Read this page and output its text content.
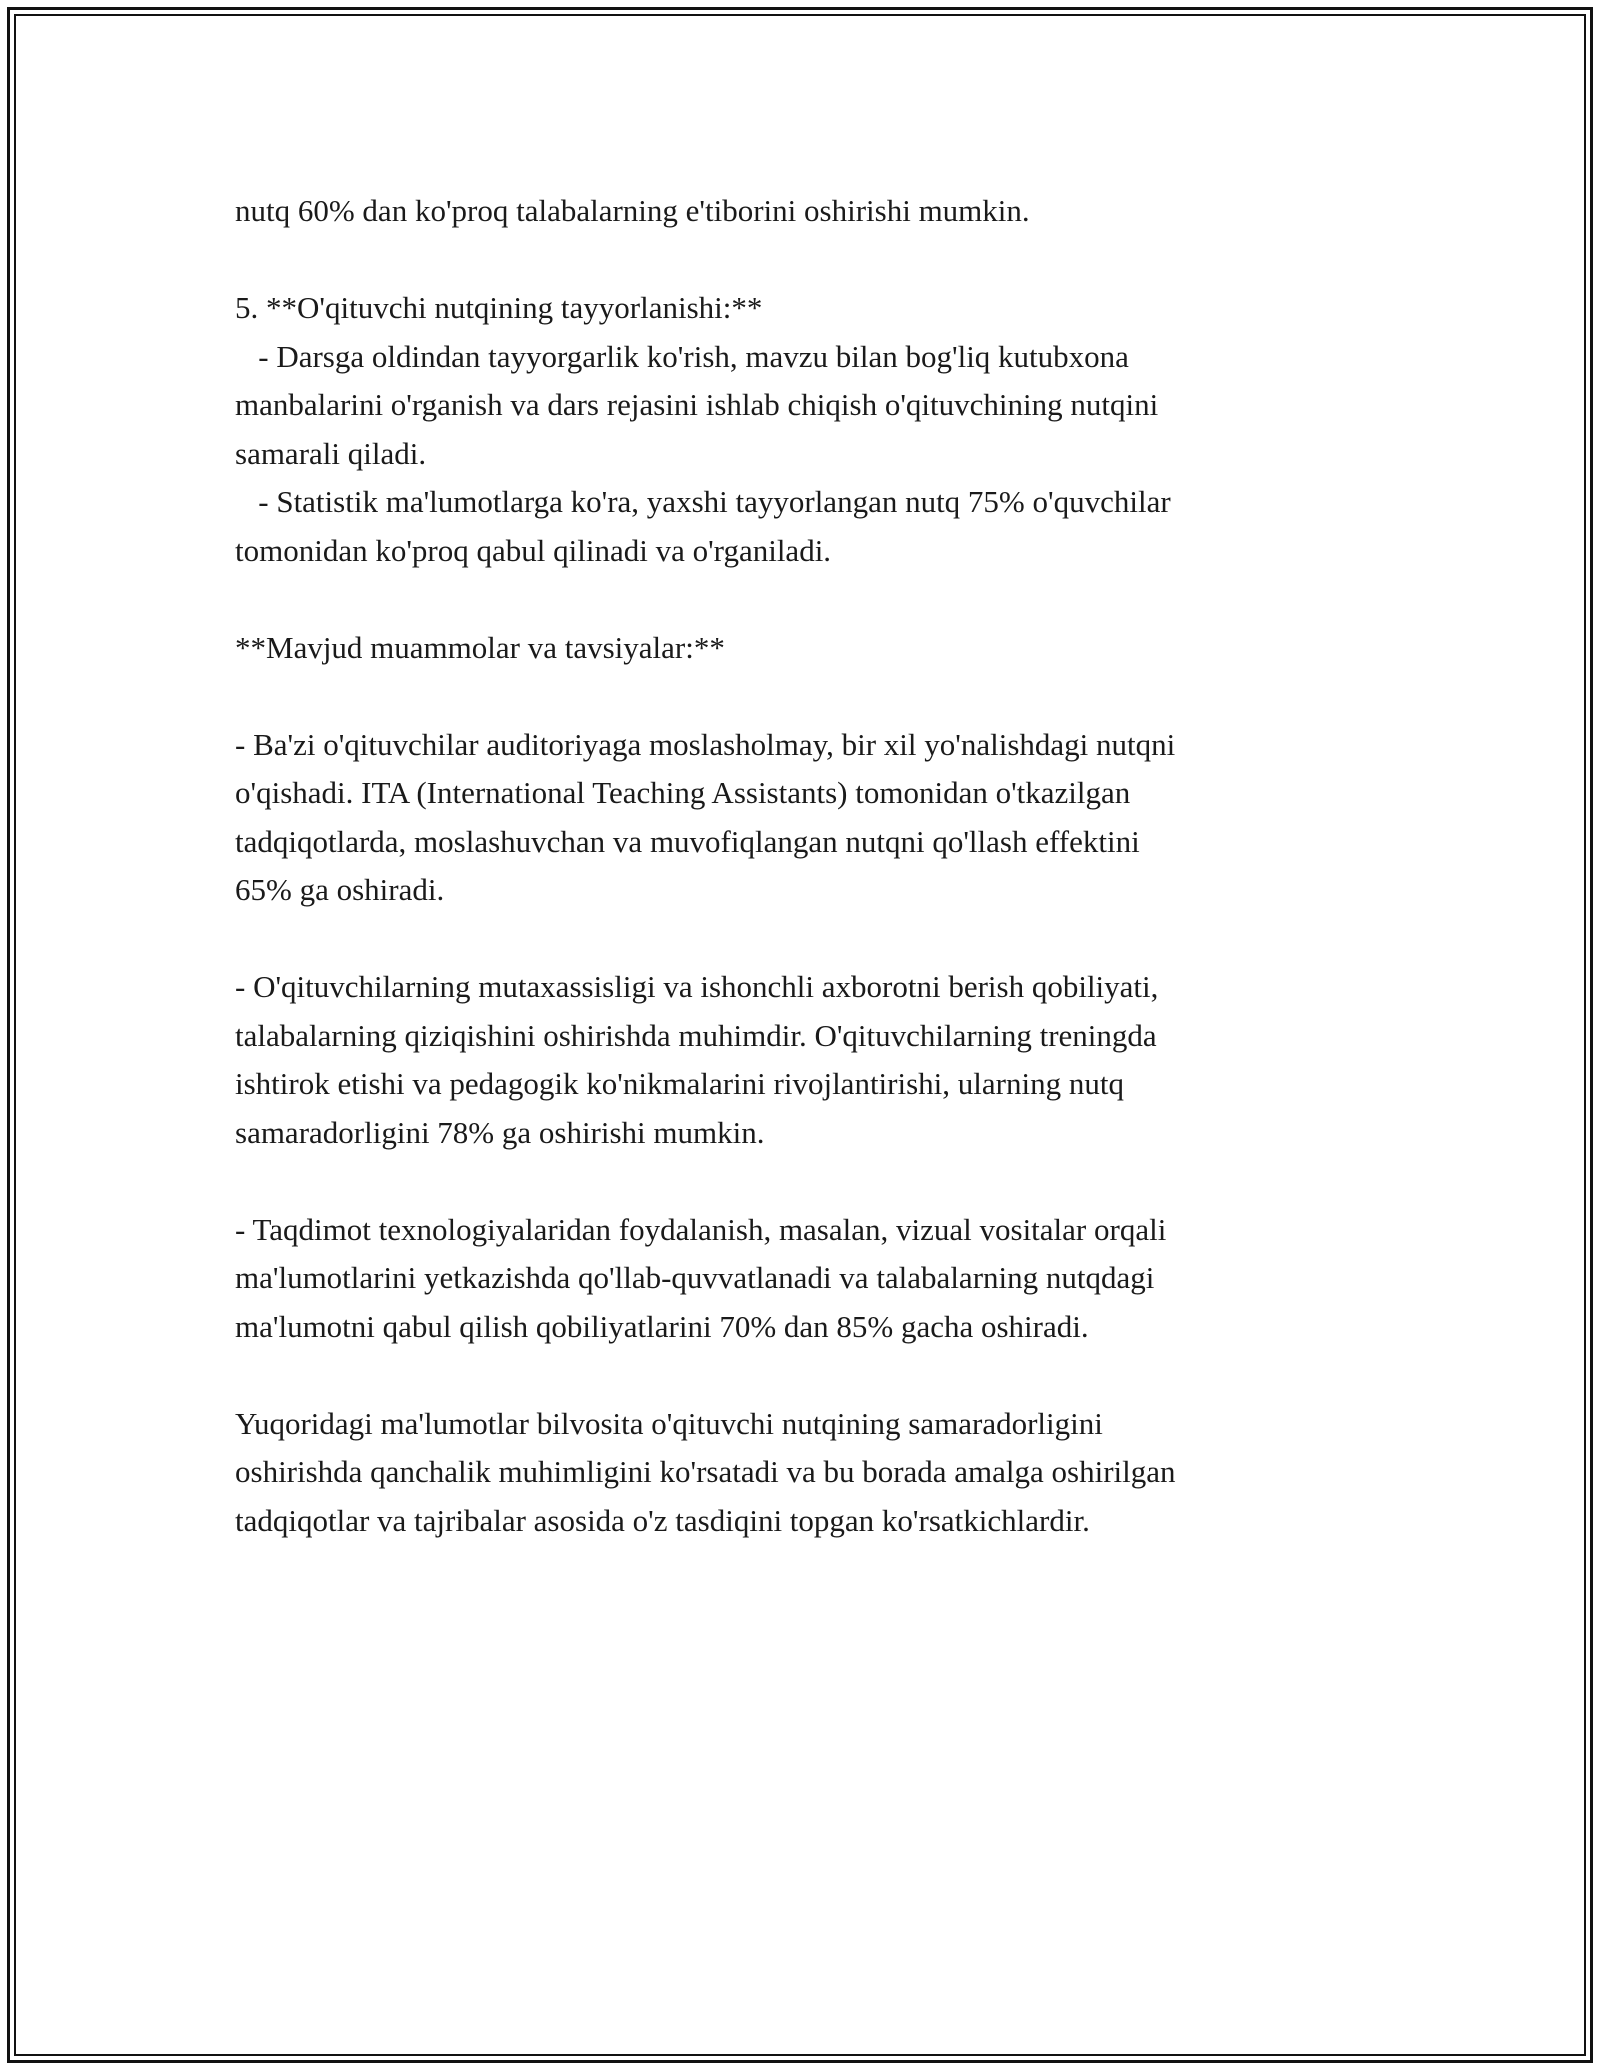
nutq 60% dan ko'proq talabalarning e'tiborini oshirishi mumkin.

5. **O'qituvchi nutqining tayyorlanishi:**

- Darsga oldindan tayyorgarlik ko'rish, mavzu bilan bog'liq kutubxona

manbalarini o'rganish va dars rejasini ishlab chiqish o'qituvchining nutqini

samarali qiladi.

- Statistik ma'lumotlarga ko'ra, yaxshi tayyorlangan nutq 75% o'quvchilar

tomonidan ko'proq qabul qilinadi va o'rganiladi.

**Mavjud muammolar va tavsiyalar:**

- Ba'zi o'qituvchilar auditoriyaga moslasholmay, bir xil yo'nalishdagi nutqni

o'qishadi. ITA (International Teaching Assistants) tomonidan o'tkazilgan

tadqiqotlarda, moslashuvchan va muvofiqlangan nutqni qo'llash effektini

65% ga oshiradi.

- O'qituvchilarning mutaxassisligi va ishonchli axborotni berish qobiliyati,

talabalarning qiziqishini oshirishda muhimdir. O'qituvchilarning treningda

ishtirok etishi va pedagogik ko'nikmalarini rivojlantirishi, ularning nutq

samaradorligini 78% ga oshirishi mumkin.

- Taqdimot texnologiyalaridan foydalanish, masalan, vizual vositalar orqali

ma'lumotlarini yetkazishda qo'llab-quvvatlanadi va talabalarning nutqdagi

ma'lumotni qabul qilish qobiliyatlarini 70% dan 85% gacha oshiradi.

Yuqoridagi ma'lumotlar bilvosita o'qituvchi nutqining samaradorligini

oshirishda qanchalik muhimligini ko'rsatadi va bu borada amalga oshirilgan

tadqiqotlar va tajribalar asosida o'z tasdiqini topgan ko'rsatkichlardir.
